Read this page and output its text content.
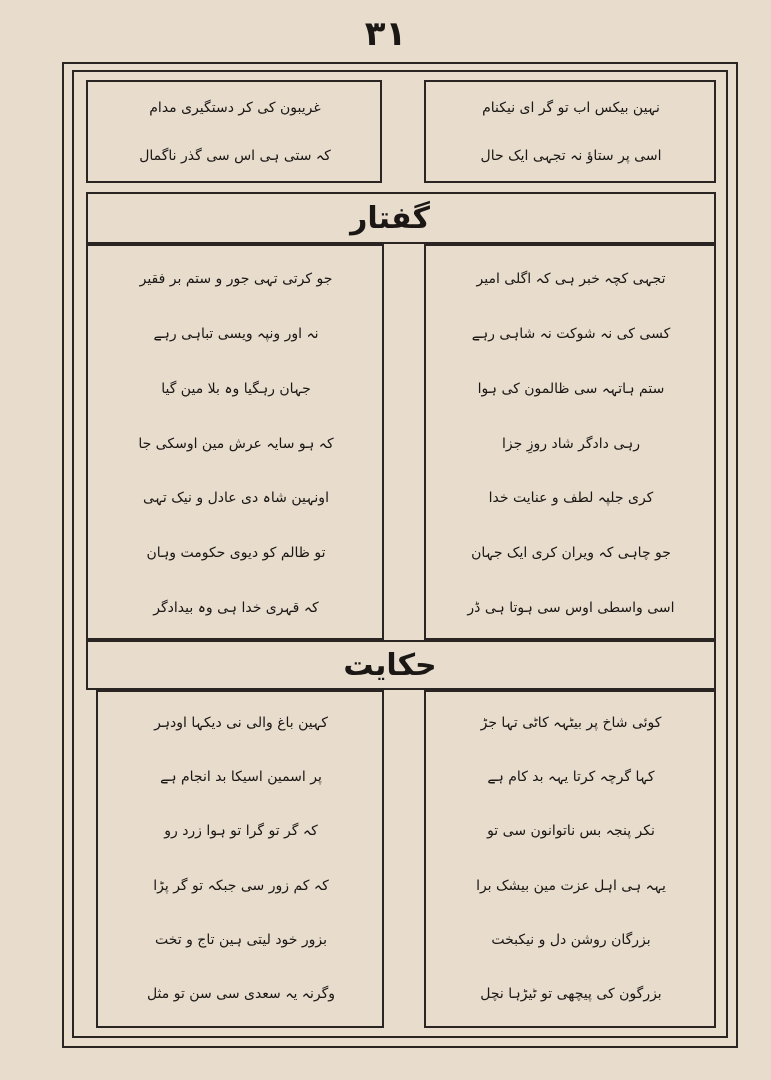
۳۱
نہین بیکس اب تو گر ای نیکنام
اسی پر ستاؤ نہ تجہی ایک حال
غریبون کی کر دستگیری مدام
کہ ستی ہی اس سی گذر ناگمال
گفتار
تجہی کچہ خبر ہی کہ اگلی امیر
کسی کی نہ شوکت نہ شاہی رہے
ستم ہاتہہ سی ظالمون کی ہوا
رہی دادگر شاد روزِ جزا
کری جلپہ لطف و عنایت خدا
جو چاہی کہ ویران کری ایک جہان
اسی واسطی اوس سی ہوتا ہی ڈر
جو کرتی تہی جور و ستم بر فقیر
نہ اور ونپہ ویسی تباہی رہے
جہان رہگیا وہ بلا مین گیا
کہ ہو سایہ عرش مین اوسکی جا
اونہین شاہ دی عادل و نیک تہی
تو ظالم کو دیوی حکومت وہان
کہ قہری خدا ہی وہ بیدادگر
حکایت
کوئی شاخ پر بیٹہہ کاٹی تہا جڑ
کہا گرچہ کرتا یہہ بد کام ہے
نکر پنجہ بس ناتوانون سی تو
یہہ ہی اہل عزت مین بیشک برا
بزرگان روشن دل و نیکبخت
بزرگون کی پیچھی تو ٹیڑہا نچل
کہین باغ والی نی دیکہا اودہر
پر اسمین اسیکا بد انجام ہے
کہ گر تو گرا تو ہوا زرد رو
کہ کم زور سی جبکہ تو گر پڑا
بزور خود لیتی ہین تاج و تخت
وگرنہ یہ سعدی سی سن تو مثل
